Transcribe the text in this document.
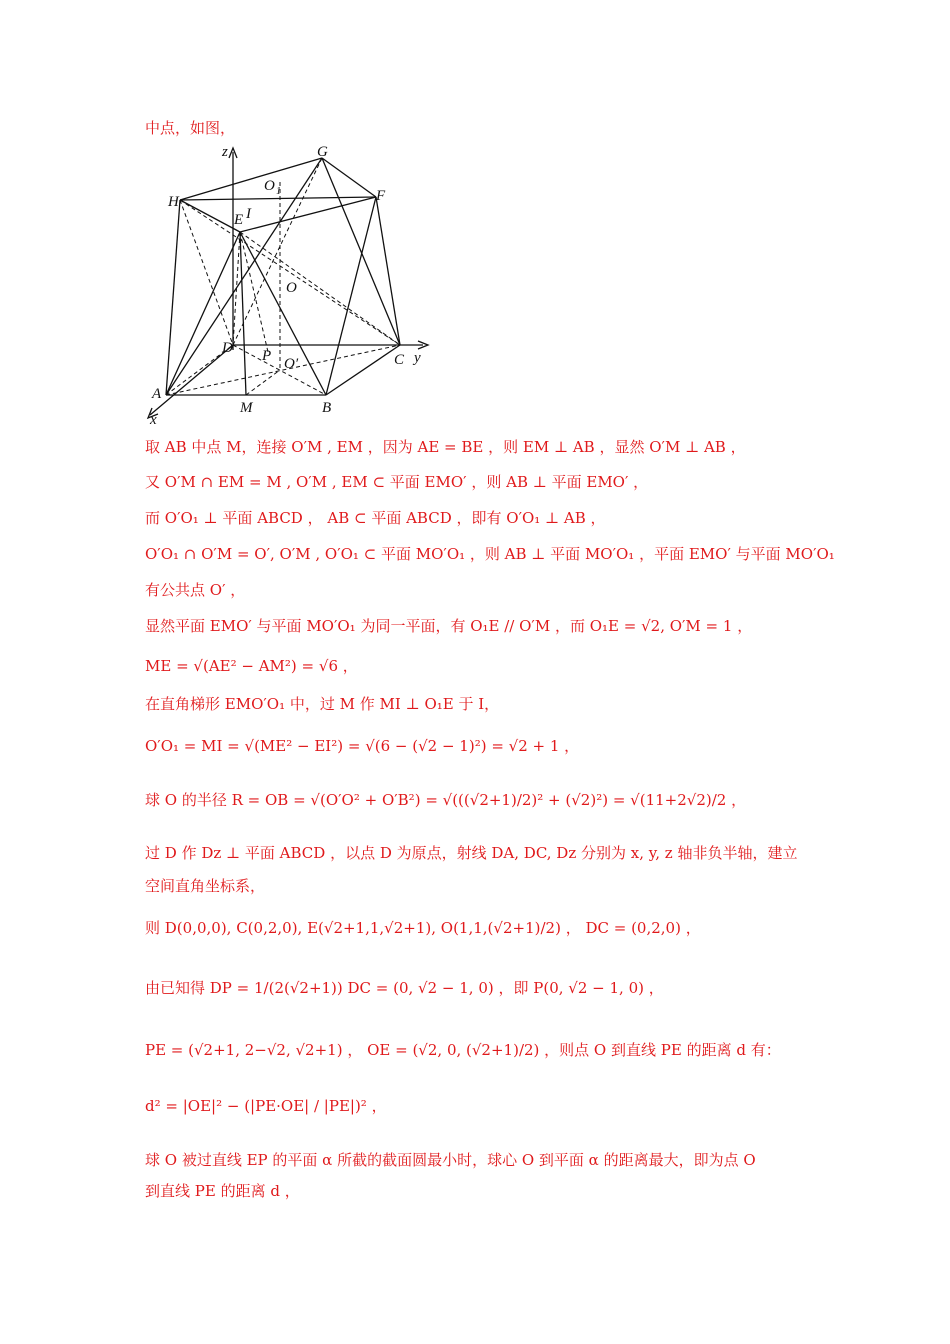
中点，如图，
z	G
O 1
H	F
E I
O
D P O′	C y
A
M	B
x
取 AB 中点 M，连接 O′M , EM ，因为 AE = BE ，则 EM ⊥ AB ，显然 O′M ⊥ AB ，
又 O′M ∩ EM = M , O′M , EM ⊂ 平面 EMO′ ，则 AB ⊥ 平面 EMO′ ，
而 O′O₁ ⊥ 平面 ABCD ， AB ⊂ 平面 ABCD ，即有 O′O₁ ⊥ AB ，
O′O₁ ∩ O′M = O′, O′M , O′O₁ ⊂ 平面 MO′O₁ ，则 AB ⊥ 平面 MO′O₁ ，平面 EMO′ 与平面 MO′O₁
有公共点 O′ ，
显然平面 EMO′ 与平面 MO′O₁ 为同一平面，有 O₁E // O′M ，而 O₁E = √2, O′M = 1 ，
ME = √(AE² − AM²) = √6 ，
在直角梯形 EMO′O₁ 中，过 M 作 MI ⊥ O₁E 于 I，
O′O₁ = MI = √(ME² − EI²) = √(6 − (√2 − 1)²) = √2 + 1 ，
球 O 的半径 R = OB = √(O′O² + O′B²) = √(((√2+1)/2)² + (√2)²) = √(11+2√2)/2 ，
过 D 作 Dz ⊥ 平面 ABCD ，以点 D 为原点，射线 DA, DC, Dz 分别为 x, y, z 轴非负半轴，建立
空间直角坐标系，
则 D(0,0,0), C(0,2,0), E(√2+1,1,√2+1), O(1,1,(√2+1)/2) ， DC = (0,2,0) ，
由已知得 DP = 1/(2(√2+1)) DC = (0, √2 − 1, 0) ，即 P(0, √2 − 1, 0) ，
PE = (√2+1, 2−√2, √2+1) ， OE = (√2, 0, (√2+1)/2) ，则点 O 到直线 PE 的距离 d 有：
d² = |OE|² − (|PE·OE| / |PE|)² ，
球 O 被过直线 EP 的平面 α 所截的截面圆最小时，球心 O 到平面 α 的距离最大，即为点 O
到直线 PE 的距离 d ，
